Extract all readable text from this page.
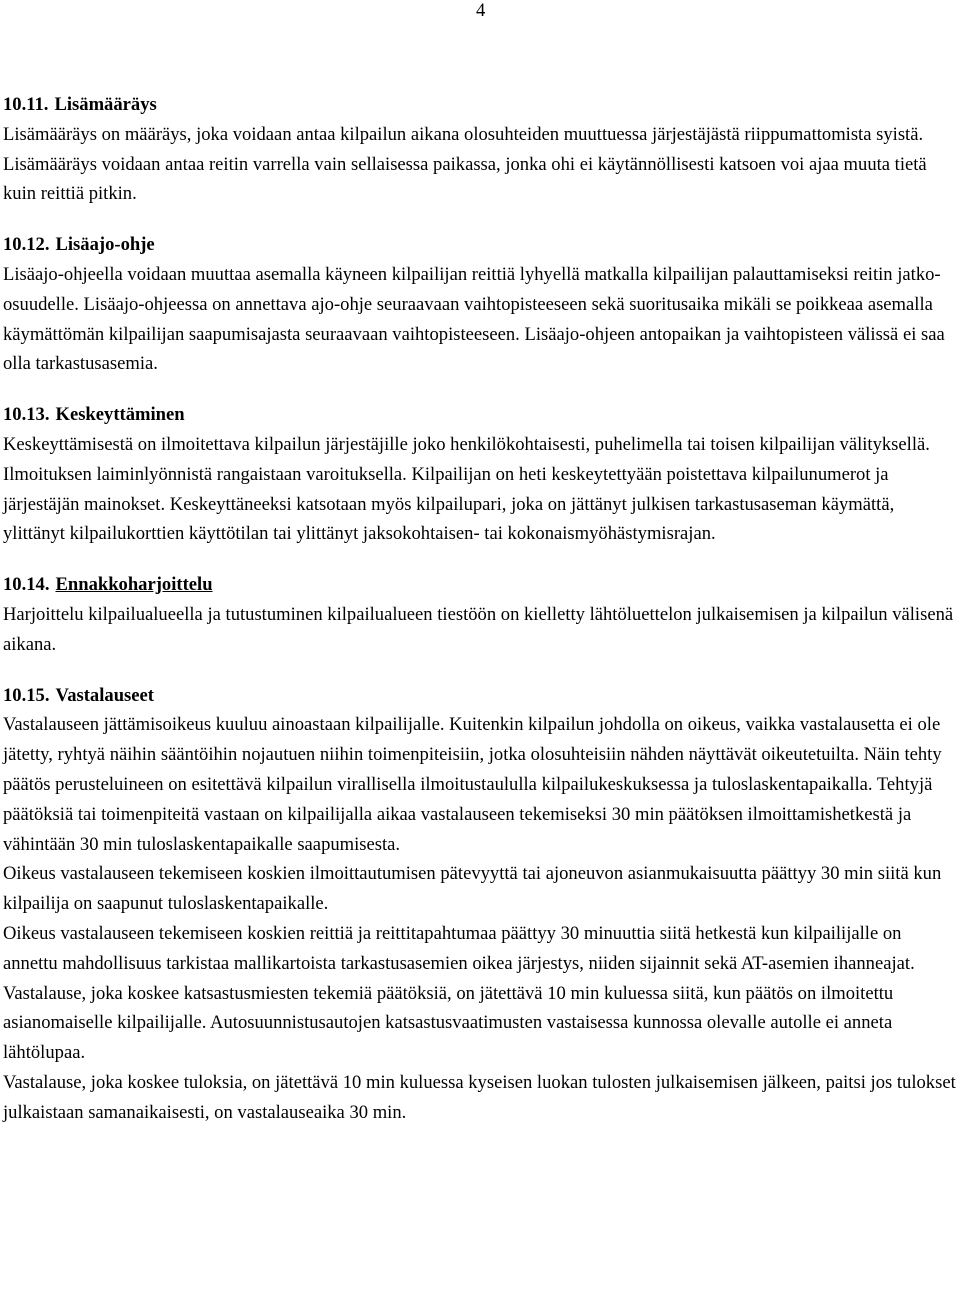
4
10.11. Lisämääräys

Lisämääräys on määräys, joka voidaan antaa kilpailun aikana olosuhteiden muuttuessa järjestäjästä riippumattomista syistä. Lisämääräys voidaan antaa reitin varrella vain sellaisessa paikassa, jonka ohi ei käytännöllisesti katsoen voi ajaa muuta tietä kuin reittiä pitkin.

10.12. Lisäajo-ohje

Lisäajo-ohjeella voidaan muuttaa asemalla käyneen kilpailijan reittiä lyhyellä matkalla kilpailijan palauttamiseksi reitin jatko-osuudelle. Lisäajo-ohjeessa on annettava ajo-ohje seuraavaan vaihtopisteeseen sekä suoritusaika mikäli se poikkeaa asemalla käymättömän kilpailijan saapumisajasta seuraavaan vaihtopisteeseen. Lisäajo-ohjeen antopaikan ja vaihtopisteen välissä ei saa olla tarkastusasemia.

10.13. Keskeyttäminen

Keskeyttämisestä on ilmoitettava kilpailun järjestäjille joko henkilökohtaisesti, puhelimella tai toisen kilpailijan välityksellä. Ilmoituksen laiminlyönnistä rangaistaan varoituksella. Kilpailijan on heti keskeytettyään poistettava kilpailunumerot ja järjestäjän mainokset. Keskeyttäneeksi katsotaan myös kilpailupari, joka on jättänyt julkisen tarkastusaseman käymättä, ylittänyt kilpailukorttien käyttötilan tai ylittänyt jaksokohtaisen- tai kokonaismyöhästymisrajan.

10.14. Ennakkoharjoittelu

Harjoittelu kilpailualueella ja tutustuminen kilpailualueen tiestöön on kielletty lähtöluettelon julkaisemisen ja kilpailun välisenä aikana.

10.15. Vastalauseet

Vastalauseen jättämisoikeus kuuluu ainoastaan kilpailijalle. Kuitenkin kilpailun johdolla on oikeus, vaikka vastalausetta ei ole jätetty, ryhtyä näihin sääntöihin nojautuen niihin toimenpiteisiin, jotka olosuhteisiin nähden näyttävät oikeutetuilta. Näin tehty päätös perusteluineen on esitettävä kilpailun virallisella ilmoitustaululla kilpailukeskuksessa ja tuloslaskentapaikalla. Tehtyjä päätöksiä tai toimenpiteitä vastaan on kilpailijalla aikaa vastalauseen tekemiseksi 30 min päätöksen ilmoittamishetkestä ja vähintään 30 min tuloslaskentapaikalle saapumisesta.

Oikeus vastalauseen tekemiseen koskien ilmoittautumisen pätevyyttä tai ajoneuvon asianmukaisuutta päättyy 30 min siitä kun kilpailija on saapunut tuloslaskentapaikalle.

Oikeus vastalauseen tekemiseen koskien reittiä ja reittitapahtumaa päättyy 30 minuuttia siitä hetkestä kun kilpailijalle on annettu mahdollisuus tarkistaa mallikartoista tarkastusasemien oikea järjestys, niiden sijainnit sekä AT-asemien ihanneajat.

Vastalause, joka koskee katsastusmiesten tekemiä päätöksiä, on jätettävä 10 min kuluessa siitä, kun päätös on ilmoitettu asianomaiselle kilpailijalle. Autosuunnistusautojen katsastusvaatimusten vastaisessa kunnossa olevalle autolle ei anneta lähtölupaa.

Vastalause, joka koskee tuloksia, on jätettävä 10 min kuluessa kyseisen luokan tulosten julkaisemisen jälkeen, paitsi jos tulokset julkaistaan samanaikaisesti, on vastalauseaika 30 min.
